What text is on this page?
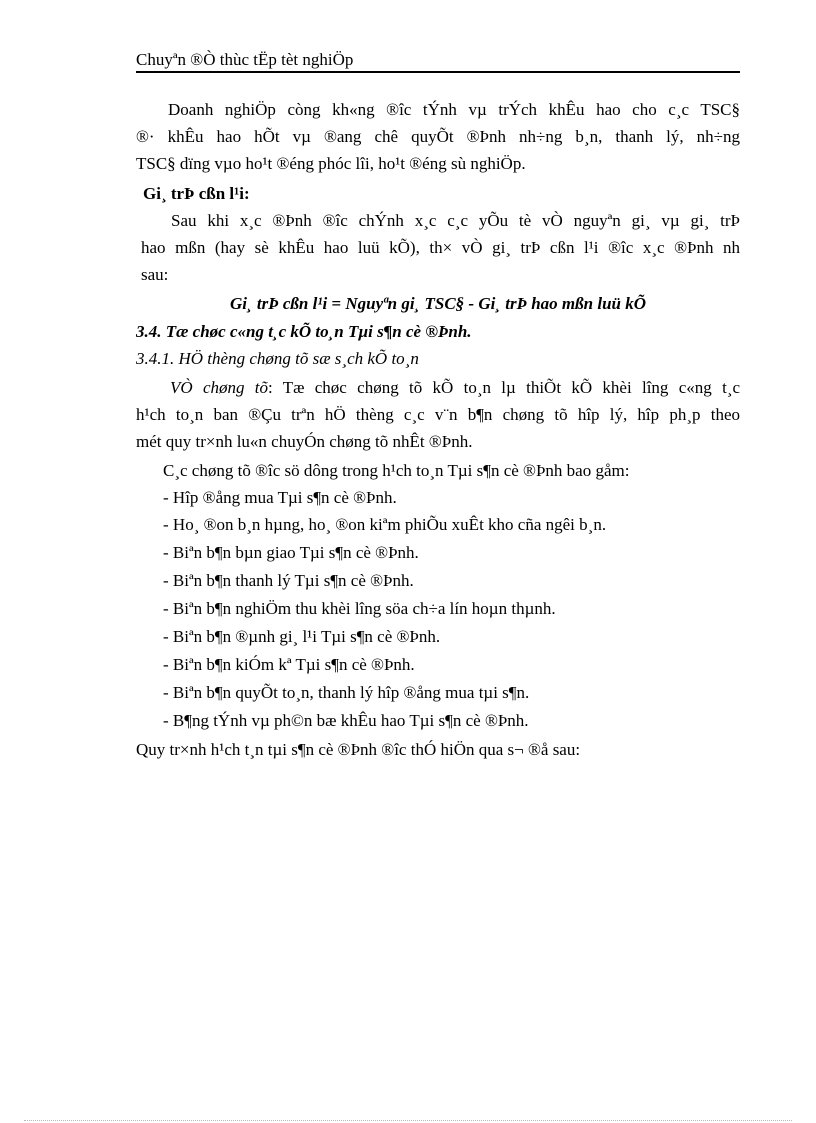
Chuyªn ®Ò thùc tËp tèt nghiÖp
Doanh nghiÖp còng kh«ng ®îc tÝnh vµ trÝch khÊu hao cho c¸c TSC§
®· khÊu hao hÕt vµ ®ang chê quyÕt ®Þnh nh÷ng b¸n, thanh lý, nh÷ng
TSC§ dïng vµo ho¹t ®éng phóc lîi, ho¹t ®éng sù nghiÖp.
Gi¸ trÞ cßn l¹i:
Sau khi x¸c ®Þnh ®îc chÝnh x¸c c¸c yÕu tè vÒ nguyªn gi¸ vµ gi¸ trÞ
hao mßn (hay sè khÊu hao luü kÕ), th× vÒ gi¸ trÞ cßn l¹i ®îc x¸c ®Þnh nh
sau:
Gi¸ trÞ cßn l¹i = Nguyªn gi¸ TSC§ - Gi¸ trÞ hao mßn luü kÕ
3.4. Tæ chøc c«ng t¸c kÕ to¸n Tµi s¶n cè ®Þnh.
3.4.1. HÖ thèng chøng tõ sæ s¸ch kÕ to¸n
VÒ chøng tõ: Tæ chøc chøng tõ kÕ to¸n lµ thiÕt kÕ khèi lîng c«ng t¸c
h¹ch to¸n ban ®Çu trªn hÖ thèng c¸c v¨n b¶n chøng tõ hîp lý, hîp ph¸p theo
mét quy tr×nh lu«n chuyÓn chøng tõ nhÊt ®Þnh.
C¸c chøng tõ ®îc sö dông trong h¹ch to¸n Tµi s¶n cè ®Þnh bao gåm:
- Hîp ®ång mua Tµi s¶n cè ®Þnh.
- Ho¸ ®on b¸n hµng, ho¸ ®on kiªm phiÕu xuÊt kho cña ngêi b¸n.
- Biªn b¶n bµn giao Tµi s¶n cè ®Þnh.
- Biªn b¶n thanh lý Tµi s¶n cè ®Þnh.
- Biªn b¶n nghiÖm thu khèi lîng söa ch÷a lín hoµn thµnh.
- Biªn b¶n ®µnh gi¸ l¹i Tµi s¶n cè ®Þnh.
- Biªn b¶n kiÓm kª Tµi s¶n cè ®Þnh.
- Biªn b¶n quyÕt to¸n, thanh lý hîp ®ång mua tµi s¶n.
- B¶ng tÝnh vµ ph©n bæ khÊu hao Tµi s¶n cè ®Þnh.
Quy tr×nh h¹ch t¸n tµi s¶n cè ®Þnh ®îc thÓ hiÖn qua s¬ ®å sau:
